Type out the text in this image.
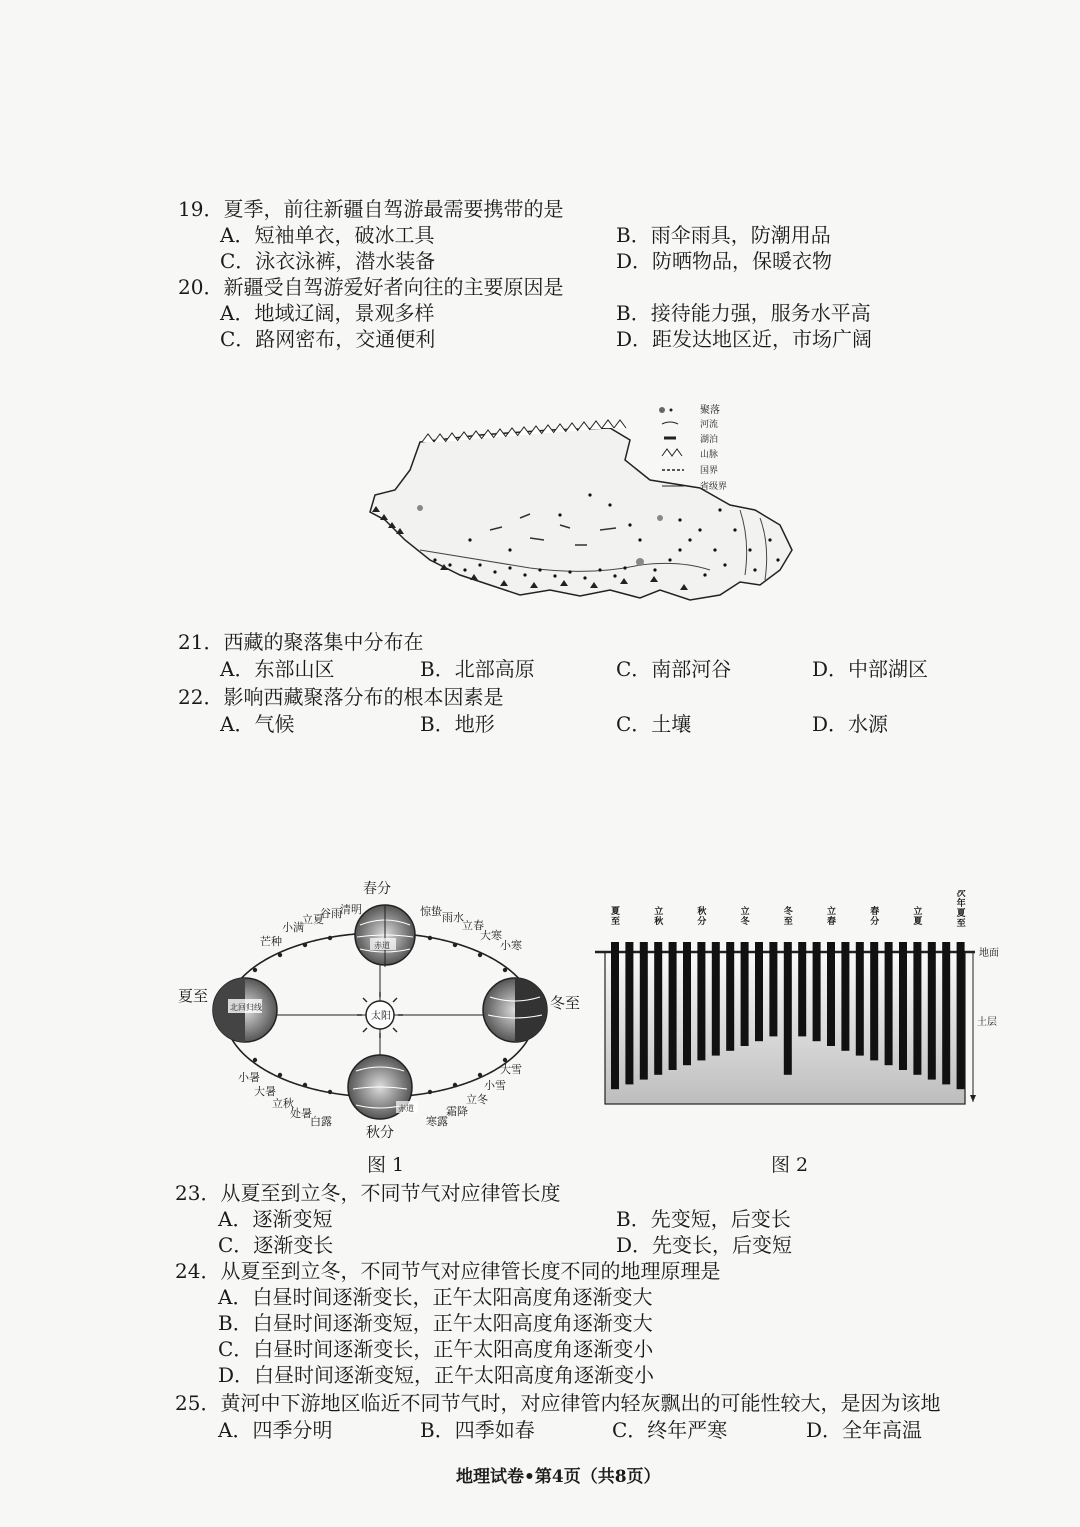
19．夏季，前往新疆自驾游最需要携带的是
A．短袖单衣，破冰工具	B．雨伞雨具，防潮用品
C．泳衣泳裤，潜水装备	D．防晒物品，保暖衣物
20．新疆受自驾游爱好者向往的主要原因是
A．地域辽阔，景观多样	B．接待能力强，服务水平高
C．路网密布，交通便利	D．距发达地区近，市场广阔
聚落
河流
湖泊
山脉
国界
省级界
21．西藏的聚落集中分布在
A．东部山区	B．北部高原	C．南部河谷	D．中部湖区
22．影响西藏聚落分布的根本因素是
A．气候	B．地形	C．土壤	D．水源
太阳
赤道
春分
北回归线
夏至	冬至
赤道
秋分
芒种
小满
立夏
谷雨
清明	惊蛰 雨水
立春
大寒
小寒
小暑
大暑
立秋
处暑
白露	寒露
霜降
立冬
小雪
大雪
图 1
夏
至
立
秋
秋
分
立
冬
冬
至
立
春
春
分
立
夏
次
年
夏
至
地面
土层
图 2
23．从夏至到立冬，不同节气对应律管长度
A．逐渐变短	B．先变短，后变长
C．逐渐变长	D．先变长，后变短
24．从夏至到立冬，不同节气对应律管长度不同的地理原理是
A．白昼时间逐渐变长，正午太阳高度角逐渐变大
B．白昼时间逐渐变短，正午太阳高度角逐渐变大
C．白昼时间逐渐变长，正午太阳高度角逐渐变小
D．白昼时间逐渐变短，正午太阳高度角逐渐变小
25．黄河中下游地区临近不同节气时，对应律管内轻灰飘出的可能性较大，是因为该地
A．四季分明	B．四季如春	C．终年严寒	D．全年高温
地理试卷•第4页（共8页）
